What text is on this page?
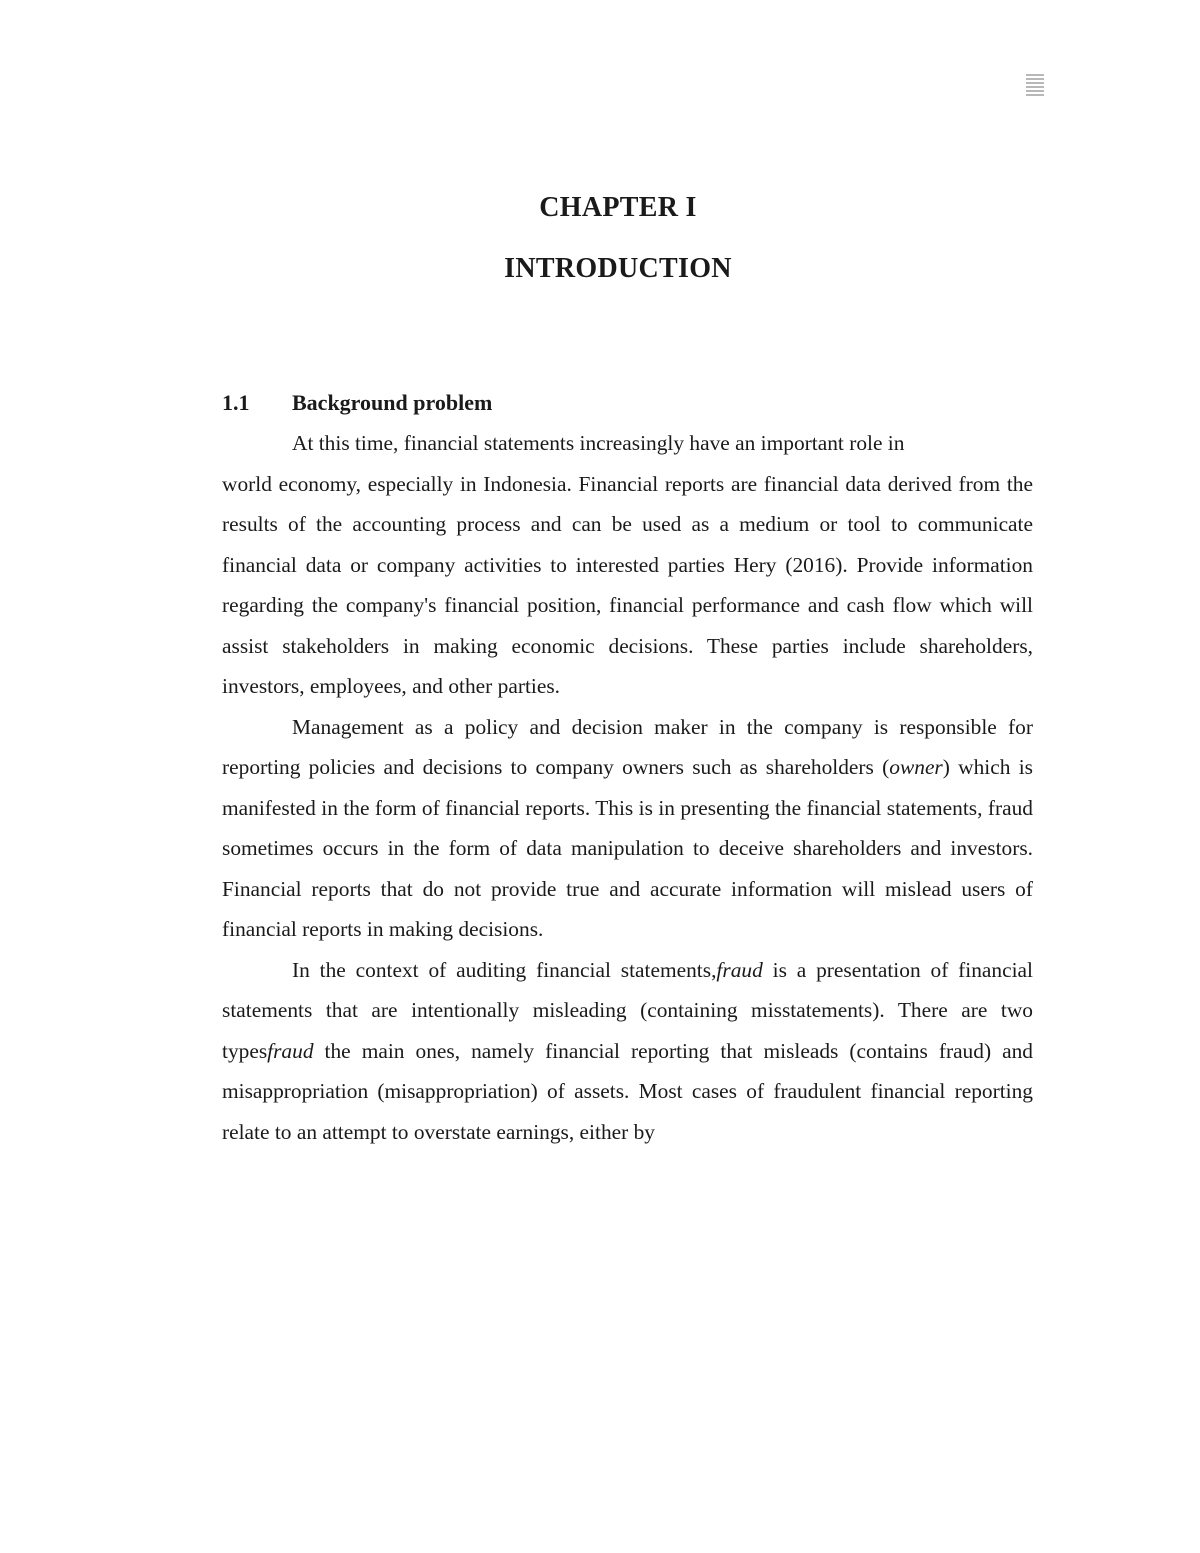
CHAPTER I
INTRODUCTION
1.1 Background problem

At this time, financial statements increasingly have an important role in
world economy, especially in Indonesia. Financial reports are financial data derived from the results of the accounting process and can be used as a medium or tool to communicate financial data or company activities to interested parties Hery (2016). Provide information regarding the company's financial position, financial performance and cash flow which will assist stakeholders in making economic decisions. These parties include shareholders, investors, employees, and other parties.

Management as a policy and decision maker in the company is responsible for reporting policies and decisions to company owners such as shareholders (owner) which is manifested in the form of financial reports. This is in presenting the financial statements, fraud sometimes occurs in the form of data manipulation to deceive shareholders and investors. Financial reports that do not provide true and accurate information will mislead users of financial reports in making decisions.

In the context of auditing financial statements,fraud is a presentation of financial statements that are intentionally misleading (containing misstatements). There are two typesfraud the main ones, namely financial reporting that misleads (contains fraud) and misappropriation (misappropriation) of assets. Most cases of fraudulent financial reporting relate to an attempt to overstate earnings, either by
